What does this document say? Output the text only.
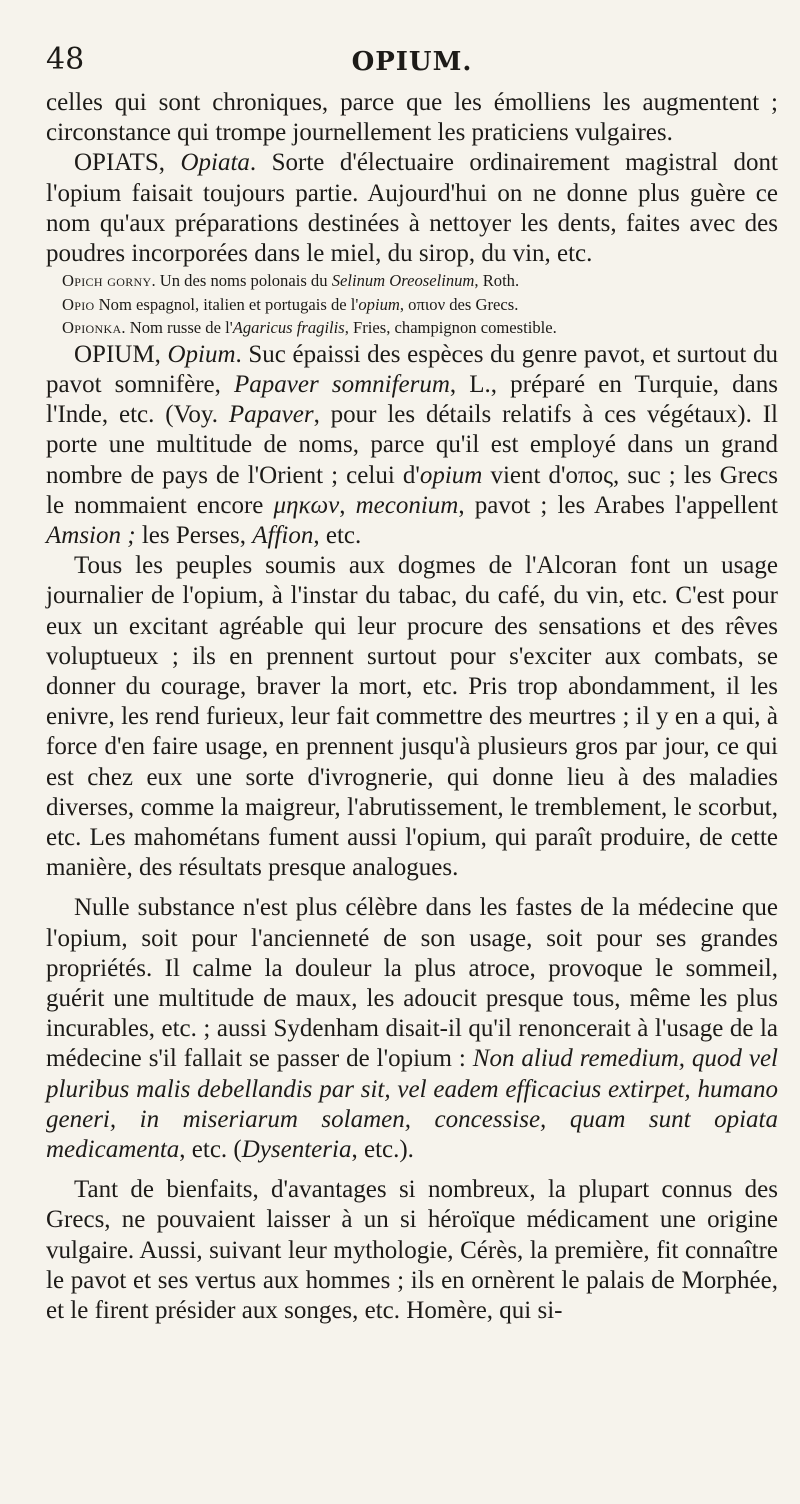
48	OPIUM.

celles qui sont chroniques, parce que les émolliens les augmentent ; circonstance qui trompe journellement les praticiens vulgaires.

OPIATS, Opiata. Sorte d'électuaire ordinairement magistral dont l'opium faisait toujours partie. Aujourd'hui on ne donne plus guère ce nom qu'aux préparations destinées à nettoyer les dents, faites avec des poudres incorporées dans le miel, du sirop, du vin, etc.

Opich gorny. Un des noms polonais du Selinum Oreoselinum, Roth.

Opio Nom espagnol, italien et portugais de l'opium, οπιον des Grecs.

Opionka. Nom russe de l'Agaricus fragilis, Fries, champignon comestible.

OPIUM, Opium. Suc épaissi des espèces du genre pavot, et surtout du pavot somnifère, Papaver somniferum, L., préparé en Turquie, dans l'Inde, etc. (Voy. Papaver, pour les détails relatifs à ces végétaux). Il porte une multitude de noms, parce qu'il est employé dans un grand nombre de pays de l'Orient ; celui d'opium vient d'οπος, suc ; les Grecs le nommaient encore μηκων, meconium, pavot ; les Arabes l'appellent Amsion ; les Perses, Affion, etc.

Tous les peuples soumis aux dogmes de l'Alcoran font un usage journalier de l'opium, à l'instar du tabac, du café, du vin, etc. C'est pour eux un excitant agréable qui leur procure des sensations et des rêves voluptueux ; ils en prennent surtout pour s'exciter aux combats, se donner du courage, braver la mort, etc. Pris trop abondamment, il les enivre, les rend furieux, leur fait commettre des meurtres ; il y en a qui, à force d'en faire usage, en prennent jusqu'à plusieurs gros par jour, ce qui est chez eux une sorte d'ivrognerie, qui donne lieu à des maladies diverses, comme la maigreur, l'abrutissement, le tremblement, le scorbut, etc. Les mahométans fument aussi l'opium, qui paraît produire, de cette manière, des résultats presque analogues.

Nulle substance n'est plus célèbre dans les fastes de la médecine que l'opium, soit pour l'ancienneté de son usage, soit pour ses grandes propriétés. Il calme la douleur la plus atroce, provoque le sommeil, guérit une multitude de maux, les adoucit presque tous, même les plus incurables, etc. ; aussi Sydenham disait-il qu'il renoncerait à l'usage de la médecine s'il fallait se passer de l'opium : Non aliud remedium, quod vel pluribus malis debellandis par sit, vel eadem efficacius extirpet, humano generi, in miseriarum solamen, concessise, quam sunt opiata medicamenta, etc. (Dysenteria, etc.).

Tant de bienfaits, d'avantages si nombreux, la plupart connus des Grecs, ne pouvaient laisser à un si héroïque médicament une origine vulgaire. Aussi, suivant leur mythologie, Cérès, la première, fit connaître le pavot et ses vertus aux hommes ; ils en ornèrent le palais de Morphée, et le firent présider aux songes, etc. Homère, qui si-
